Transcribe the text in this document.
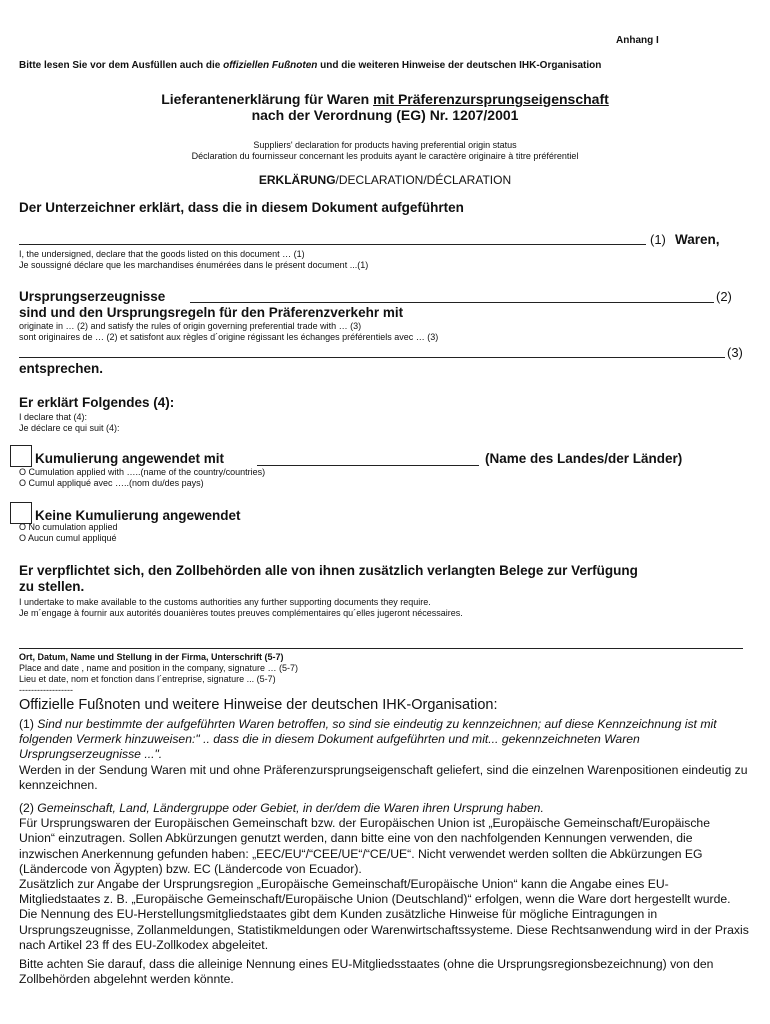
Anhang I
Bitte lesen Sie vor dem Ausfüllen auch die offiziellen Fußnoten und die weiteren Hinweise der deutschen IHK-Organisation
Lieferantenerklärung für Waren mit Präferenzursprungseigenschaft
nach der Verordnung (EG) Nr. 1207/2001
Suppliers' declaration for products having preferential origin status
Déclaration du fournisseur concernant les produits ayant le caractère originaire à titre préférentiel
ERKLÄRUNG/DECLARATION/DÉCLARATION
Der Unterzeichner erklärt, dass die in diesem Dokument aufgeführten
(1) Waren,
I, the undersigned, declare that the goods listed on this document … (1)
Je soussigné déclare que les marchandises énumérées dans le présent document ...(1)
Ursprungserzeugnisse	(2)
sind und den Ursprungsregeln für den Präferenzverkehr mit
originate in … (2) and satisfy the rules of origin governing preferential trade with … (3)
sont originaires de … (2) et satisfont aux règles d´origine régissant les échanges préférentiels avec … (3)
(3)
entsprechen.
Er erklärt Folgendes (4):
I declare that (4):
Je déclare ce qui suit (4):
Kumulierung angewendet mit	(Name des Landes/der Länder)
O Cumulation applied with …..(name of the country/countries)
O Cumul appliqué avec …..(nom du/des pays)
Keine Kumulierung angewendet
O No cumulation applied
O Aucun cumul appliqué
Er verpflichtet sich, den Zollbehörden alle von ihnen zusätzlich verlangten Belege zur Verfügung
zu stellen.
I undertake to make available to the customs authorities any further supporting documents they require.
Je m´engage à fournir aux autorités douanières toutes preuves complémentaires qu´elles jugeront nécessaires.
Ort, Datum, Name und Stellung in der Firma, Unterschrift (5-7)
Place and date , name and position in the company, signature … (5-7)
Lieu et date, nom et fonction dans l´entreprise, signature ... (5-7)
------------------
Offizielle Fußnoten und weitere Hinweise der deutschen IHK-Organisation:
(1) Sind nur bestimmte der aufgeführten Waren betroffen, so sind sie eindeutig zu kennzeichnen; auf diese Kennzeichnung ist mit folgenden Vermerk hinzuweisen:" .. dass die in diesem Dokument aufgeführten und mit... gekennzeichneten Waren Ursprungserzeugnisse ...".
Werden in der Sendung Waren mit und ohne Präferenzursprungseigenschaft geliefert, sind die einzelnen Warenpositionen eindeutig zu kennzeichnen.
(2) Gemeinschaft, Land, Ländergruppe oder Gebiet, in der/dem die Waren ihren Ursprung haben.
Für Ursprungswaren der Europäischen Gemeinschaft bzw. der Europäischen Union ist „Europäische Gemeinschaft/Europäische Union“ einzutragen. Sollen Abkürzungen genutzt werden, dann bitte eine von den nachfolgenden Kennungen verwenden, die inzwischen Anerkennung gefunden haben: „EEC/EU“/“CEE/UE“/“CE/UE“. Nicht verwendet werden sollten die Abkürzungen EG (Ländercode von Ägypten) bzw. EC (Ländercode von Ecuador).
Zusätzlich zur Angabe der Ursprungsregion „Europäische Gemeinschaft/Europäische Union“ kann die Angabe eines EU-Mitgliedstaates z. B. „Europäische Gemeinschaft/Europäische Union (Deutschland)“ erfolgen, wenn die Ware dort hergestellt wurde. Die Nennung des EU-Herstellungsmitgliedstaates gibt dem Kunden zusätzliche Hinweise für mögliche Eintragungen in Ursprungszeugnisse, Zollanmeldungen, Statistikmeldungen oder Warenwirtschaftssysteme. Diese Rechtsanwendung wird in der Praxis nach Artikel 23 ff des EU-Zollkodex abgeleitet.
Bitte achten Sie darauf, dass die alleinige Nennung eines EU-Mitgliedsstaates (ohne die Ursprungsregionsbezeichnung) von den Zollbehörden abgelehnt werden könnte.
